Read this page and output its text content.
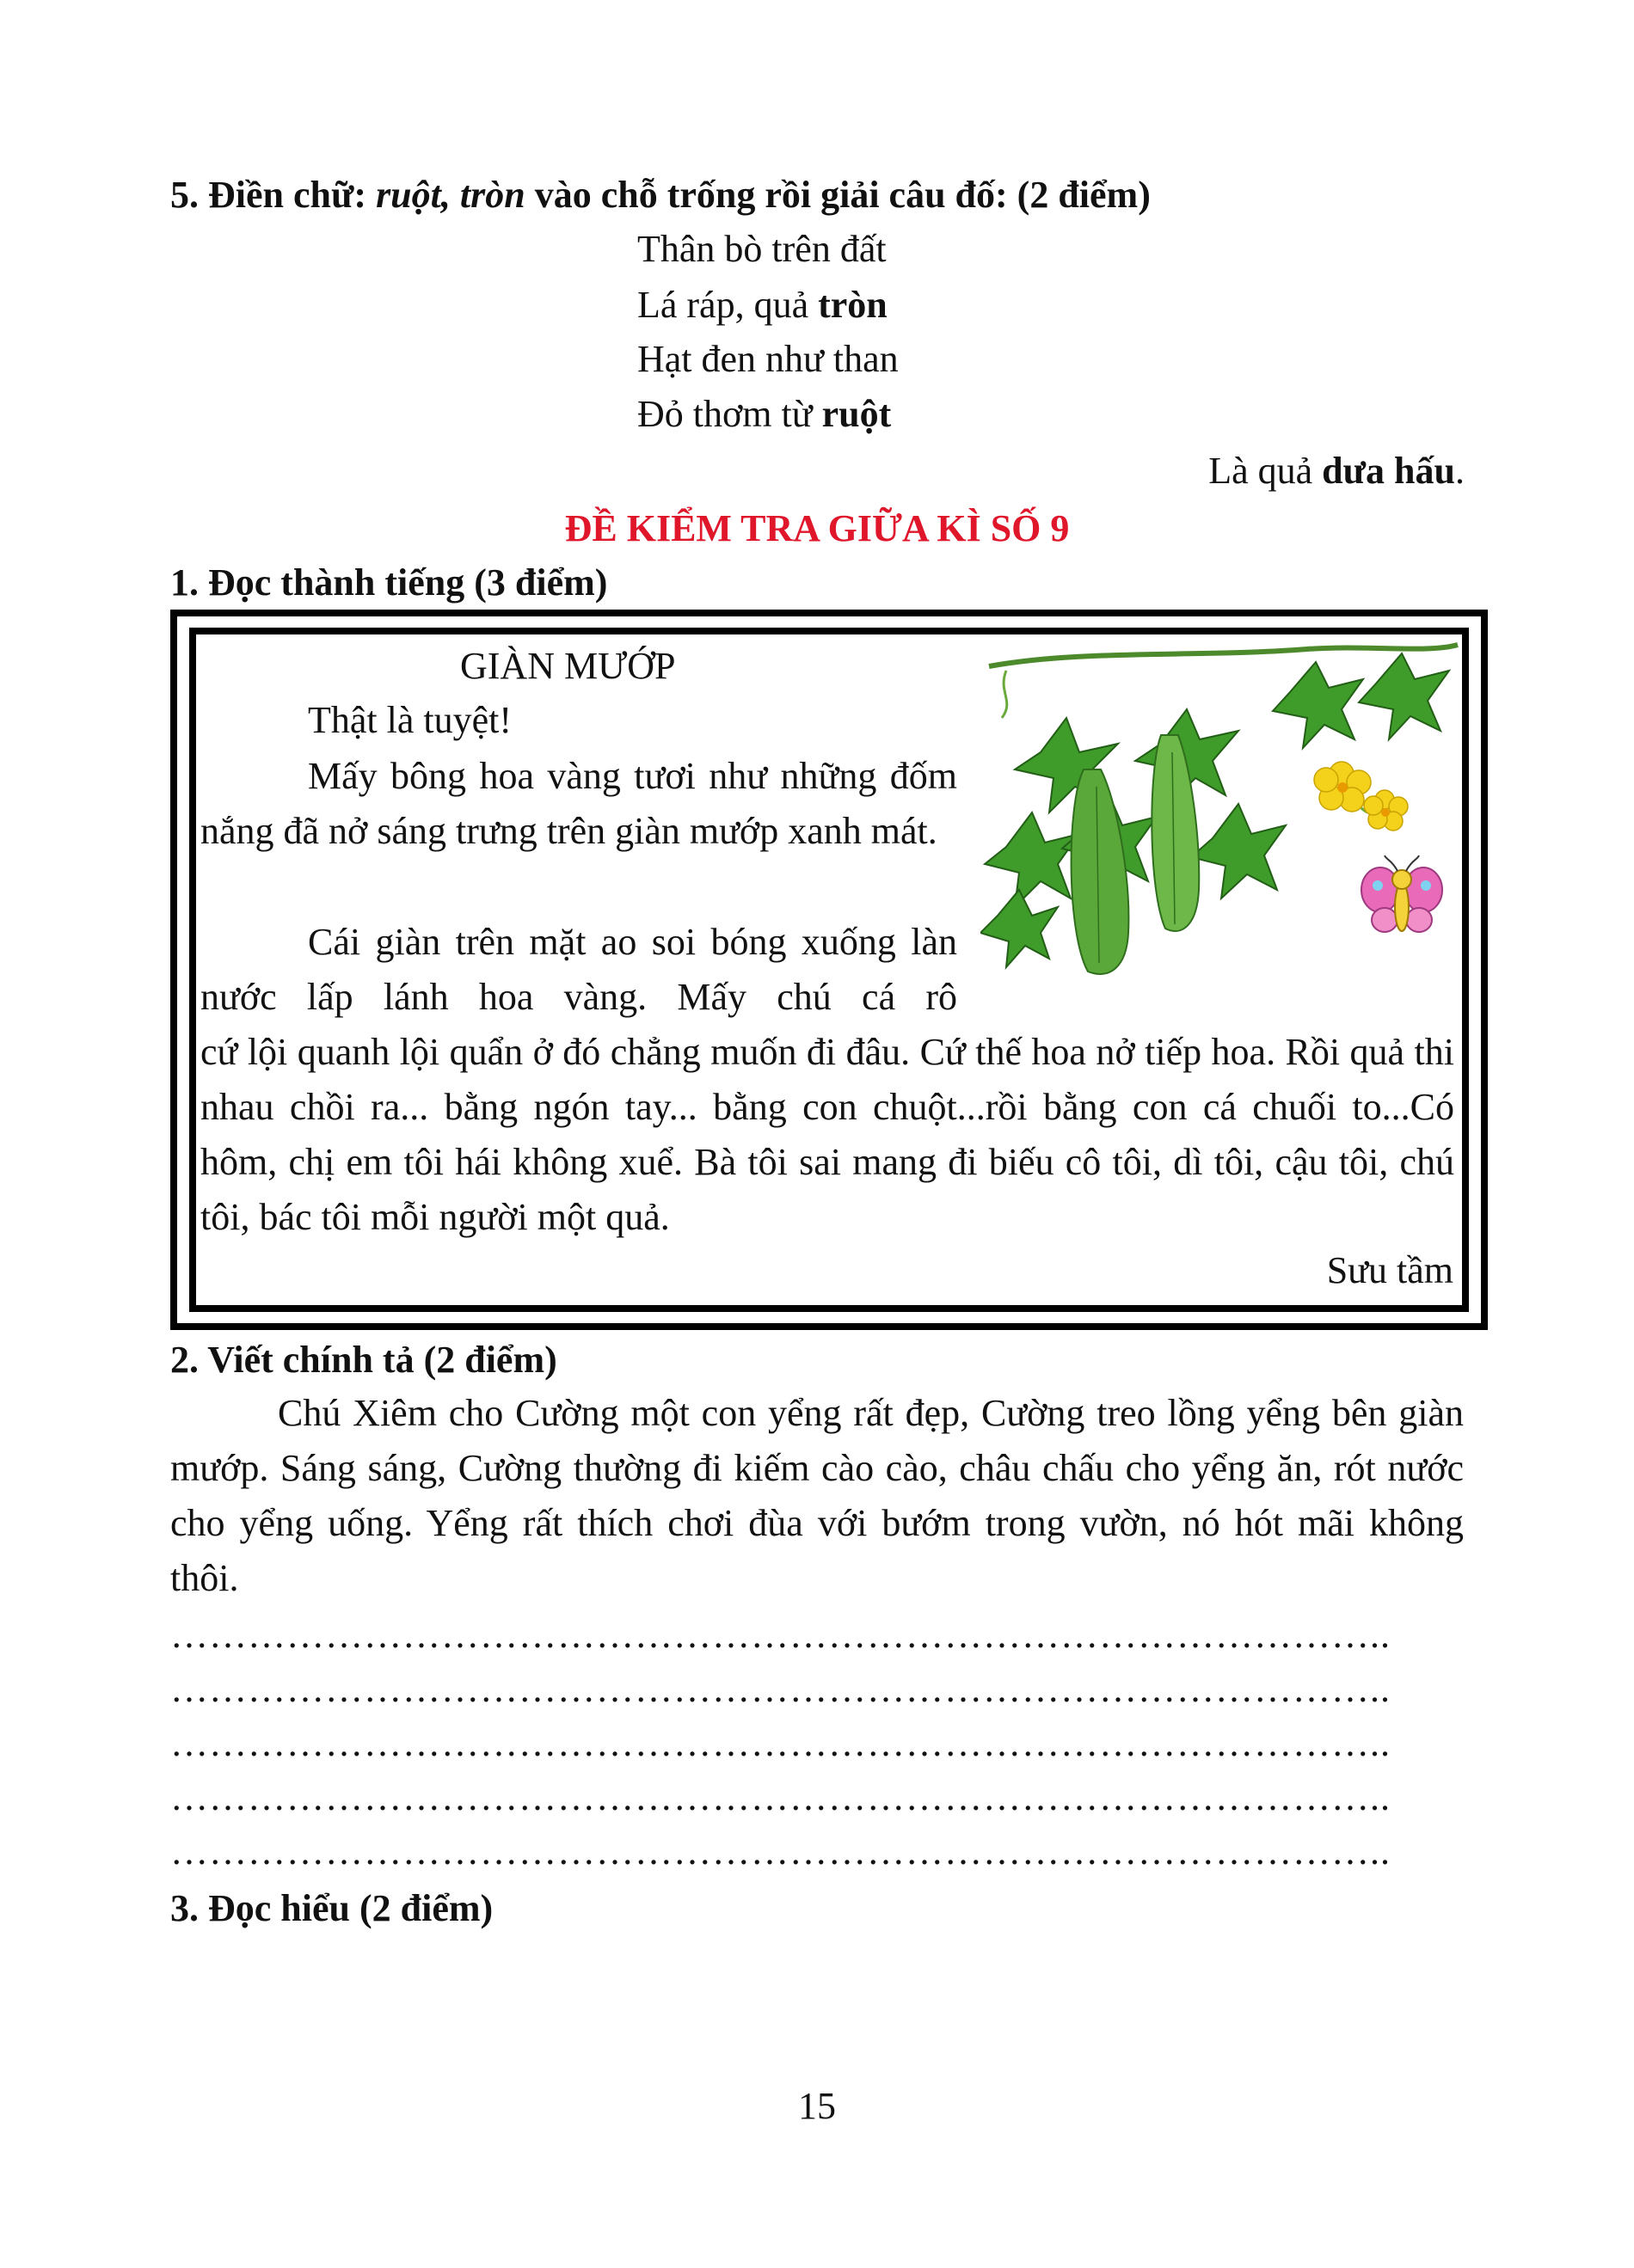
5. Điền chữ: ruột, tròn vào chỗ trống rồi giải câu đố: (2 điểm)
Thân bò trên đất
Lá ráp, quả tròn
Hạt đen như than
Đỏ thơm từ ruột
Là quả dưa hấu.
ĐỀ KIỂM TRA GIỮA KÌ SỐ 9
1. Đọc thành tiếng (3 điểm)
GIÀN MƯỚP
Thật là tuyệt!
Mấy bông hoa vàng tươi như những đốm nắng đã nở sáng trưng trên giàn mướp xanh mát.
Cái giàn trên mặt ao soi bóng xuống làn nước lấp lánh hoa vàng. Mấy chú cá rô
cứ lội quanh lội quẩn ở đó chẳng muốn đi đâu. Cứ thế hoa nở tiếp hoa. Rồi quả thi nhau chồi ra... bằng ngón tay... bằng con chuột...rồi bằng con cá chuối to...Có hôm, chị em tôi hái không xuể. Bà tôi sai mang đi biếu cô tôi, dì tôi, cậu tôi, chú tôi, bác tôi mỗi người một quả.
Sưu tầm
2. Viết chính tả (2 điểm)
Chú Xiêm cho Cường một con yểng rất đẹp, Cường treo lồng yểng bên giàn mướp. Sáng sáng, Cường thường đi kiếm cào cào, châu chấu cho yểng ăn, rót nước cho yểng uống. Yểng rất thích chơi đùa với bướm trong vườn, nó hót mãi không thôi.
…………………………………………………………………………………..
…………………………………………………………………………………..
…………………………………………………………………………………..
…………………………………………………………………………………..
…………………………………………………………………………………..
3. Đọc hiểu (2 điểm)
15
